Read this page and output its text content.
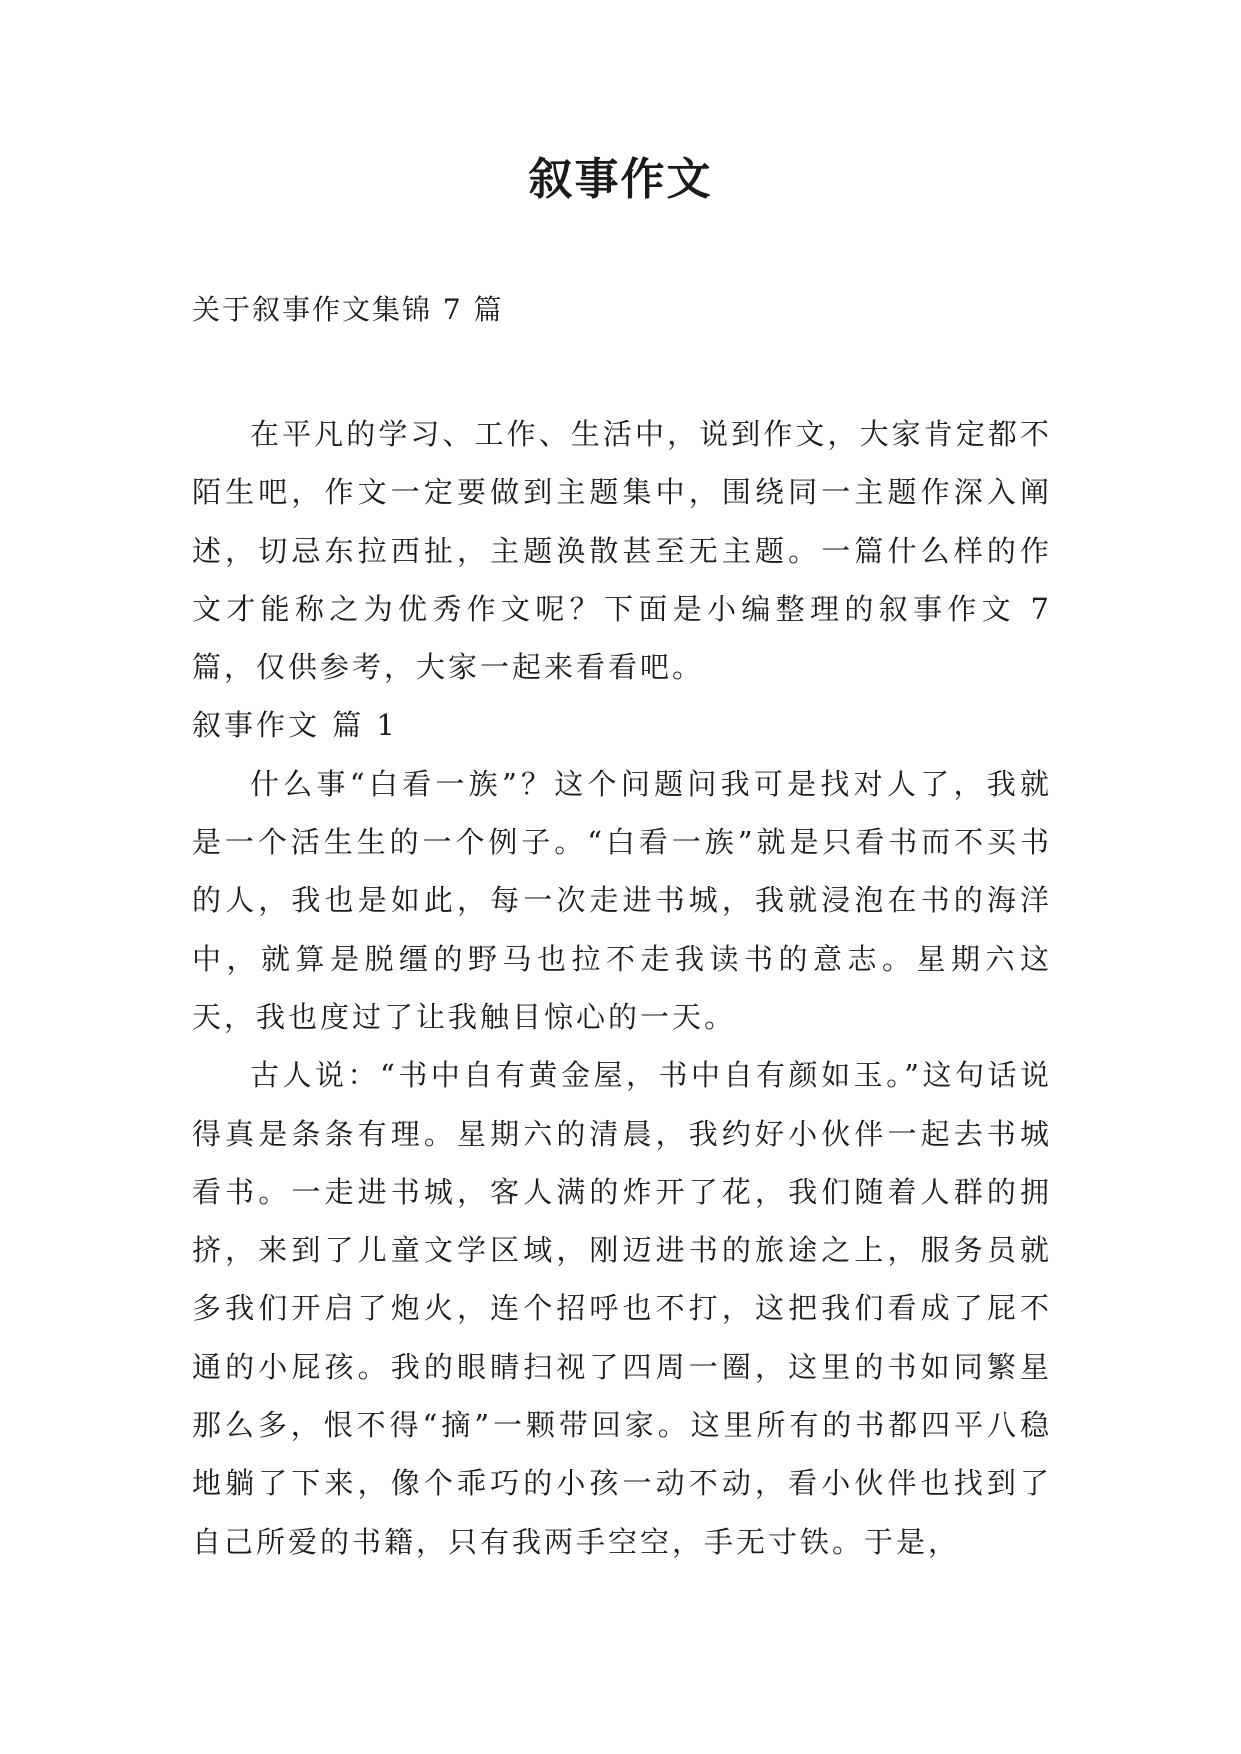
叙事作文

关于叙事作文集锦 7 篇

在平凡的学习、工作、生活中，说到作文，大家肯定都不陌生吧，作文一定要做到主题集中，围绕同一主题作深入阐述，切忌东拉西扯，主题涣散甚至无主题。一篇什么样的作文才能称之为优秀作文呢？下面是小编整理的叙事作文 7 篇，仅供参考，大家一起来看看吧。

叙事作文 篇 1

什么事“白看一族”？这个问题问我可是找对人了，我就是一个活生生的一个例子。“白看一族”就是只看书而不买书的人，我也是如此，每一次走进书城，我就浸泡在书的海洋中，就算是脱缰的野马也拉不走我读书的意志。星期六这天，我也度过了让我触目惊心的一天。

古人说：“书中自有黄金屋，书中自有颜如玉。”这句话说得真是条条有理。星期六的清晨，我约好小伙伴一起去书城看书。一走进书城，客人满的炸开了花，我们随着人群的拥挤，来到了儿童文学区域，刚迈进书的旅途之上，服务员就多我们开启了炮火，连个招呼也不打，这把我们看成了屁不通的小屁孩。我的眼睛扫视了四周一圈，这里的书如同繁星那么多，恨不得“摘”一颗带回家。这里所有的书都四平八稳地躺了下来，像个乖巧的小孩一动不动，看小伙伴也找到了自己所爱的书籍，只有我两手空空，手无寸铁。于是，
